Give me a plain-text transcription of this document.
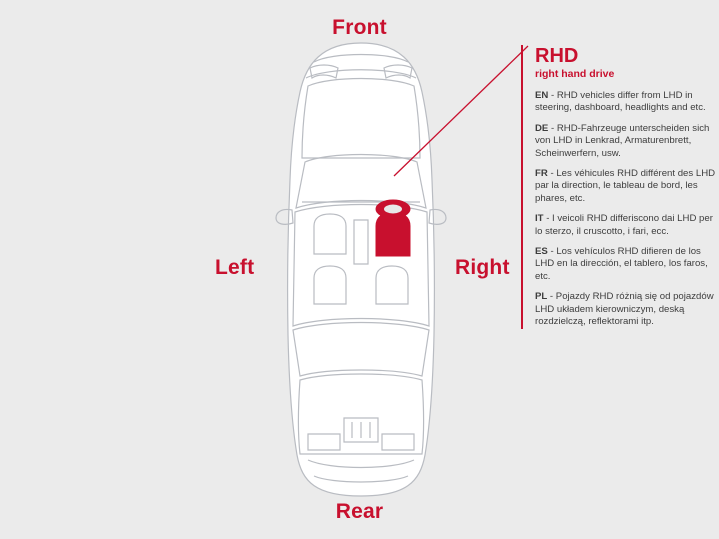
Front
Rear
Left	Right
RHD
right hand drive

EN - RHD vehicles differ from LHD in steering, dashboard, headlights and etc.

DE - RHD-Fahrzeuge unterscheiden sich von LHD in Lenkrad, Armaturenbrett, Scheinwerfern, usw.

FR - Les véhicules RHD différent des LHD par la direction, le tableau de bord, les phares, etc.

IT - I veicoli RHD differiscono dai LHD per lo sterzo, il cruscotto, i fari, ecc.

ES - Los vehículos RHD difieren de los LHD en la dirección, el tablero, los faros, etc.

PL - Pojazdy RHD różnią się od pojazdów LHD układem kierowniczym, deską rozdzielczą, reflektorami itp.
